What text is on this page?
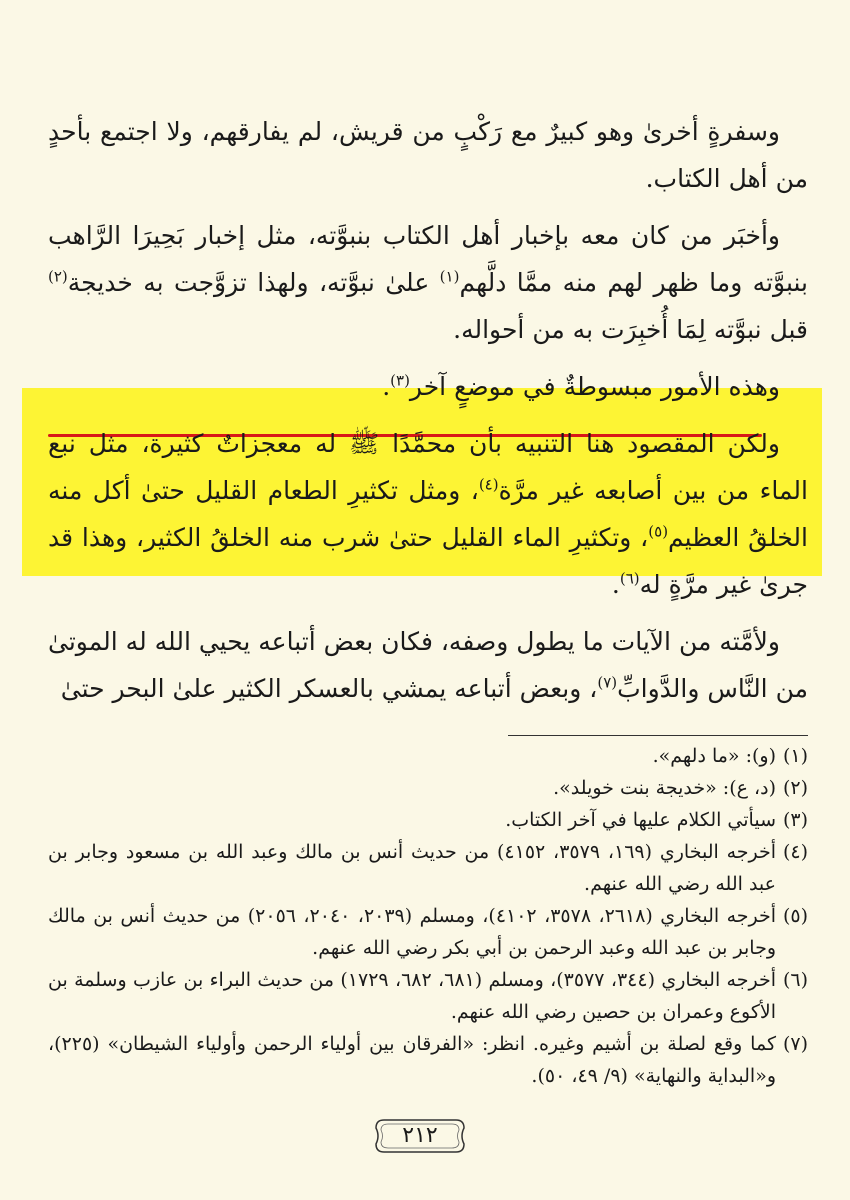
وسفرةٍ أخرىٰ وهو كبيرٌ مع رَكْبٍ من قريش، لم يفارقهم، ولا اجتمع بأحدٍ من أهل الكتاب.

وأخبَر من كان معه بإخبار أهل الكتاب بنبوَّته، مثل إخبار بَحِيرَا الرَّاهب بنبوَّته وما ظهر لهم منه ممَّا دلَّهم$^{(١)}$ علىٰ نبوَّته، ولهذا تزوَّجت به خديجة$^{(٢)}$ قبل نبوَّته لِمَا أُخبِرَت به من أحواله.

وهذه الأمور مبسوطةٌ في موضعٍ آخر$^{(٣)}$.

ولكن المقصود هنا التنبيه بأن محمَّدًا ﷺ له معجزاتٌ كثيرة، مثل نبع الماء من بين أصابعه غير مرَّة$^{(٤)}$، ومثل تكثيرِ الطعام القليل حتىٰ أكل منه الخلقُ العظيم$^{(٥)}$، وتكثيرِ الماء القليل حتىٰ شرب منه الخلقُ الكثير، وهذا قد جرىٰ غير مرَّةٍ له$^{(٦)}$.

ولأمَّته من الآيات ما يطول وصفه، فكان بعض أتباعه يحيي الله له الموتىٰ من النَّاس والدَّوابِّ$^{(٧)}$، وبعض أتباعه يمشي بالعسكر الكثير علىٰ البحر حتىٰ

(١)
(و): «ما دلهم».

(٢)
(د، ع): «خديجة بنت خويلد».

(٣)
سيأتي الكلام عليها في آخر الكتاب.

(٤)
أخرجه البخاري (١٦٩، ٣٥٧٩، ٤١٥٢) من حديث أنس بن مالك وعبد الله بن مسعود وجابر بن عبد الله رضي الله عنهم.

(٥)
أخرجه البخاري (٢٦١٨، ٣٥٧٨، ٤١٠٢)، ومسلم (٢٠٣٩، ٢٠٤٠، ٢٠٥٦) من حديث أنس بن مالك وجابر بن عبد الله وعبد الرحمن بن أبي بكر رضي الله عنهم.

(٦)
أخرجه البخاري (٣٤٤، ٣٥٧٧)، ومسلم (٦٨١، ٦٨٢، ١٧٢٩) من حديث البراء بن عازب وسلمة بن الأكوع وعمران بن حصين رضي الله عنهم.

(٧)
كما وقع لصلة بن أشيم وغيره. انظر: «الفرقان بين أولياء الرحمن وأولياء الشيطان» (٢٢٥)، و«البداية والنهاية» (٩/ ٤٩، ٥٠).

٢١٢
